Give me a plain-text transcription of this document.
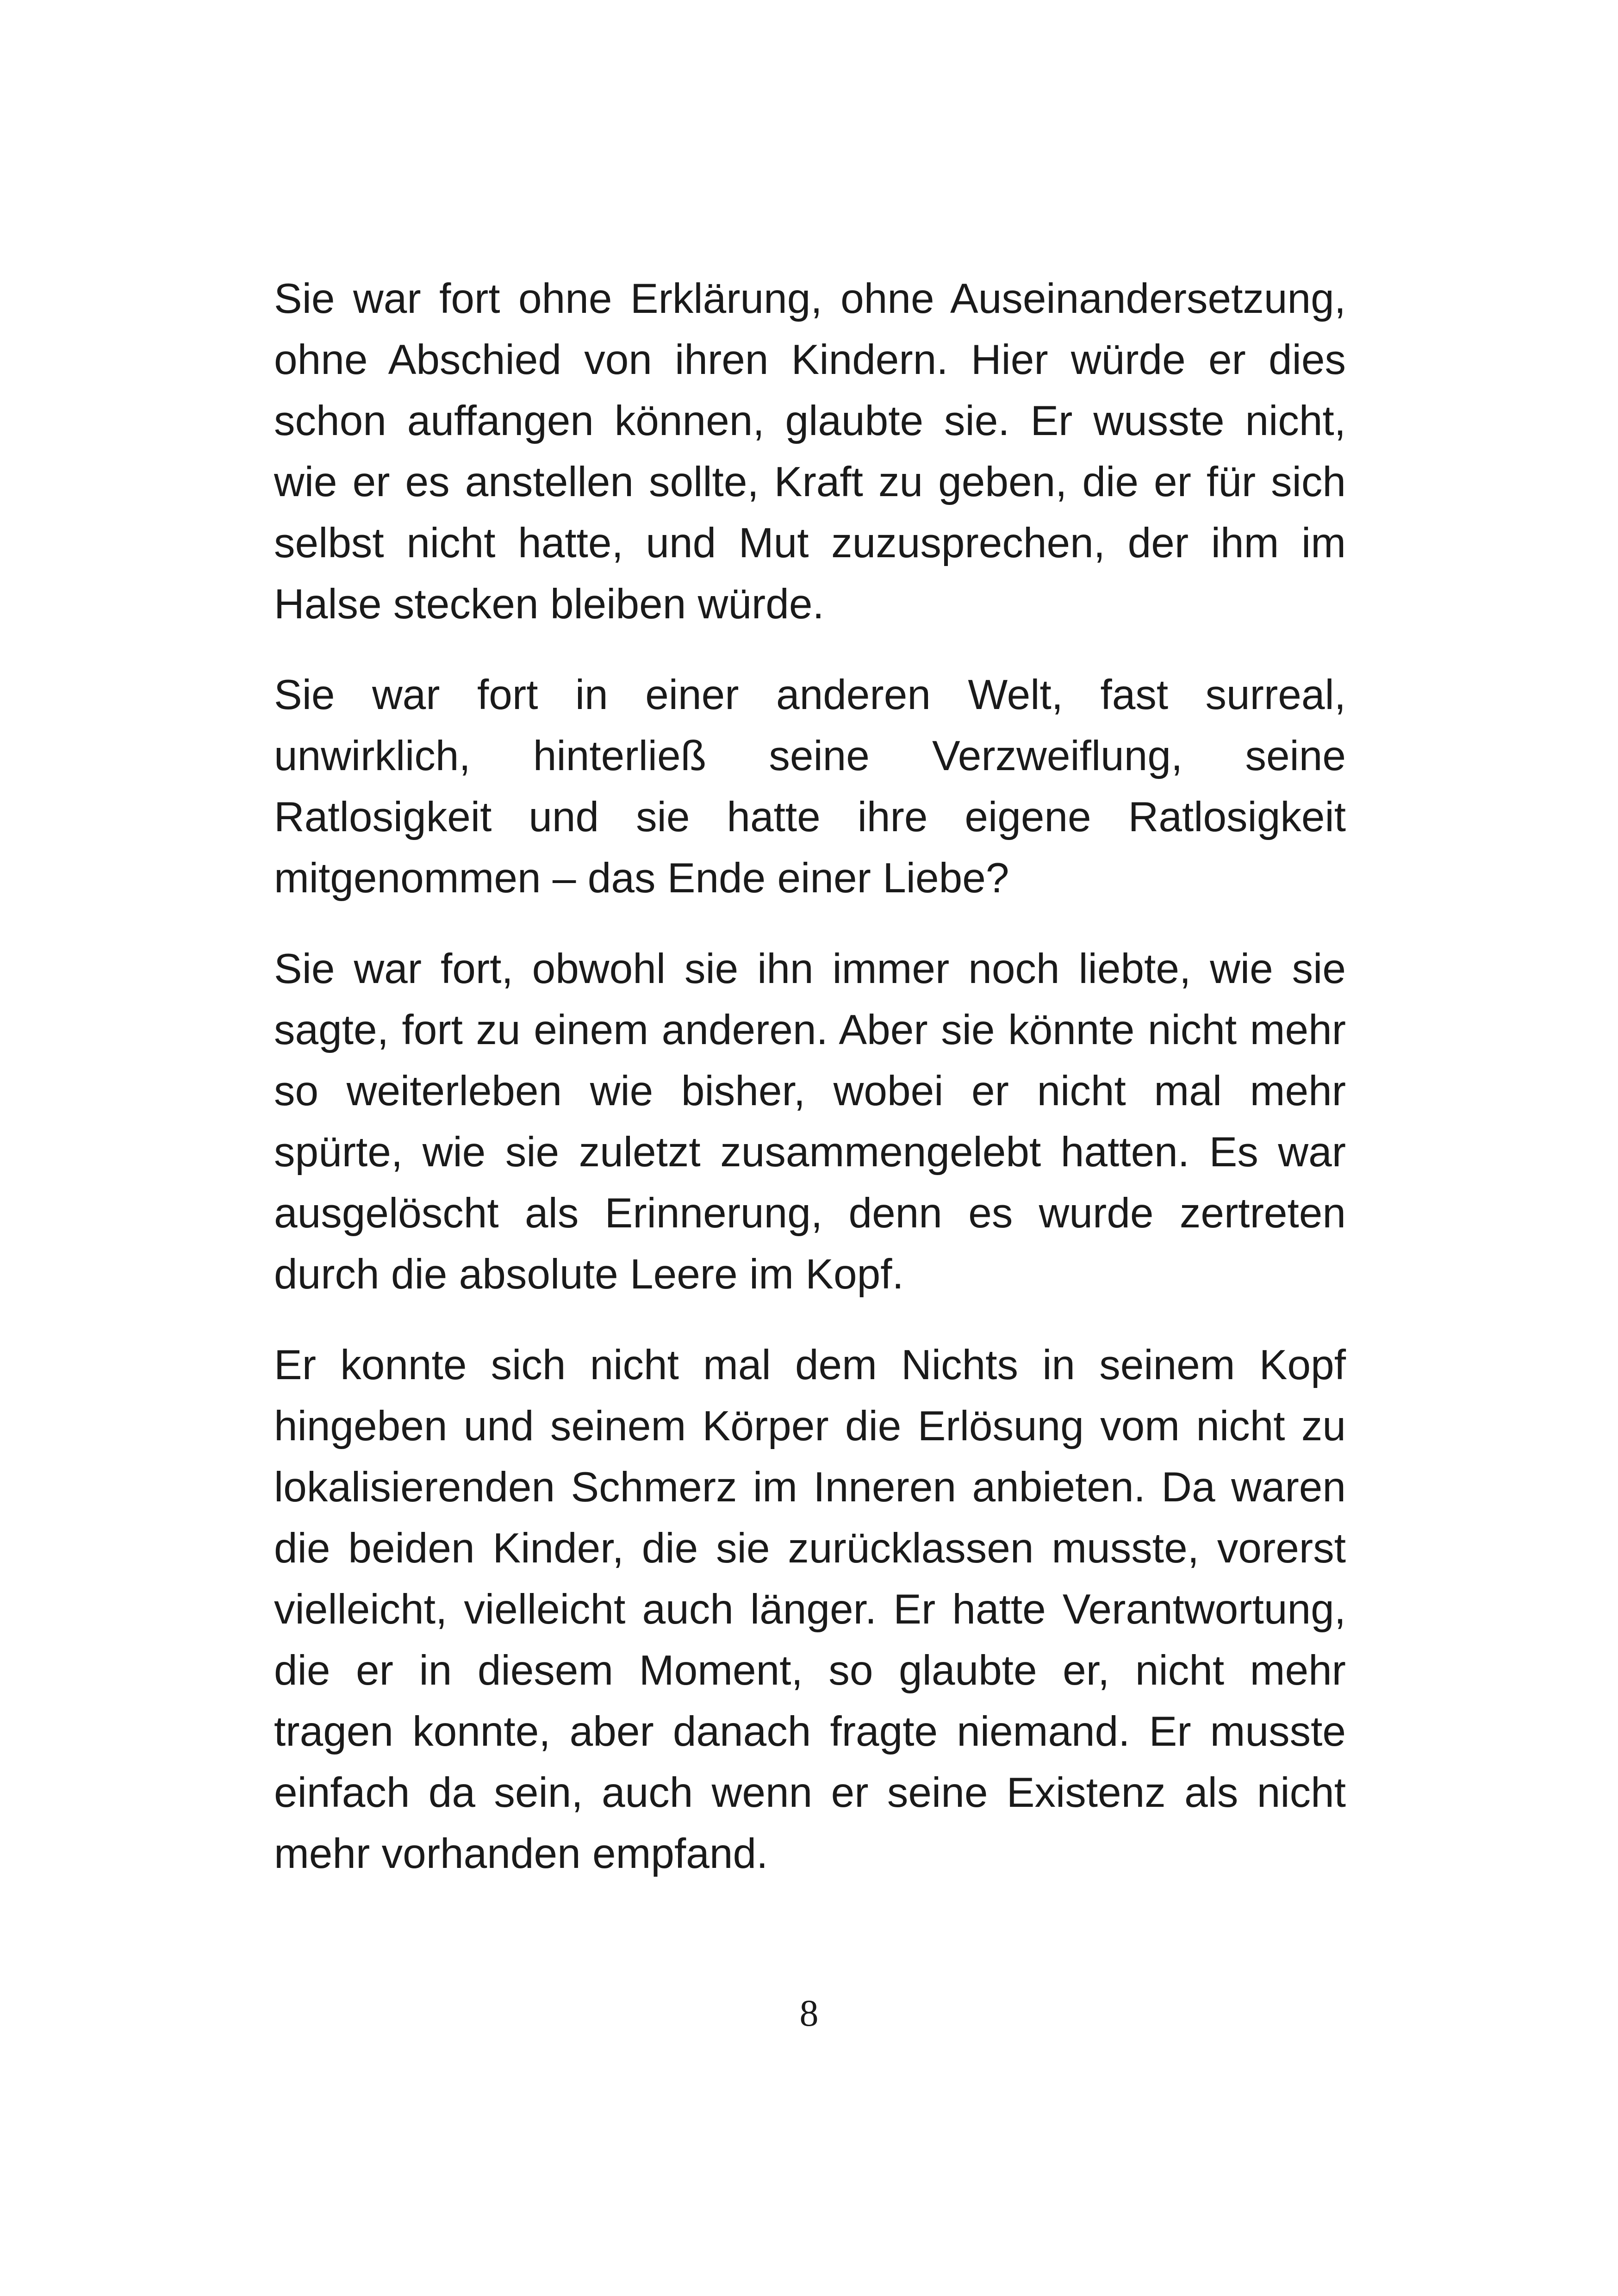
Sie war fort ohne Erklärung, ohne Auseinandersetzung, ohne Abschied von ihren Kindern. Hier würde er dies schon auffangen können, glaubte sie. Er wusste nicht, wie er es anstellen sollte, Kraft zu geben, die er für sich selbst nicht hatte, und Mut zuzusprechen, der ihm im Halse stecken bleiben würde.

Sie war fort in einer anderen Welt, fast surreal, unwirklich, hinterließ seine Verzweiflung, seine Ratlosigkeit und sie hatte ihre eigene Ratlosigkeit mitgenommen – das Ende einer Liebe?

Sie war fort, obwohl sie ihn immer noch liebte, wie sie sagte, fort zu einem anderen. Aber sie könnte nicht mehr so weiterleben wie bisher, wobei er nicht mal mehr spürte, wie sie zuletzt zusammengelebt hatten. Es war ausgelöscht als Erinnerung, denn es wurde zertreten durch die absolute Leere im Kopf.

Er konnte sich nicht mal dem Nichts in seinem Kopf hingeben und seinem Körper die Erlösung vom nicht zu lokalisierenden Schmerz im Inneren anbieten. Da waren die beiden Kinder, die sie zurücklassen musste, vorerst vielleicht, vielleicht auch länger. Er hatte Verantwortung, die er in diesem Moment, so glaubte er, nicht mehr tragen konnte, aber danach fragte niemand. Er musste einfach da sein, auch wenn er seine Existenz als nicht mehr vorhanden empfand.

8
